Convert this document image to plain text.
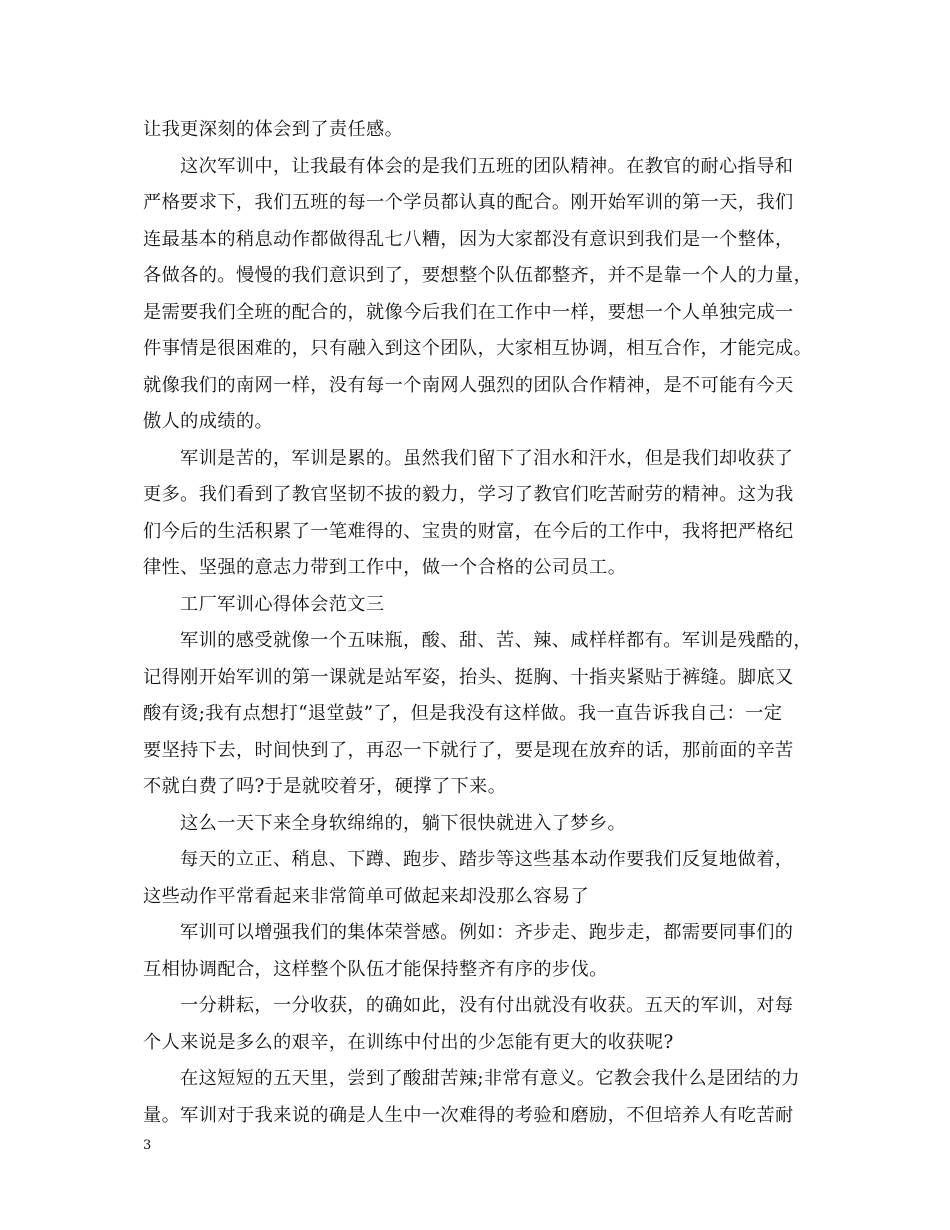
让我更深刻的体会到了责任感。
这次军训中，让我最有体会的是我们五班的团队精神。在教官的耐心指导和
严格要求下，我们五班的每一个学员都认真的配合。刚开始军训的第一天，我们
连最基本的稍息动作都做得乱七八糟，因为大家都没有意识到我们是一个整体，
各做各的。慢慢的我们意识到了，要想整个队伍都整齐，并不是靠一个人的力量，
是需要我们全班的配合的，就像今后我们在工作中一样，要想一个人单独完成一
件事情是很困难的，只有融入到这个团队，大家相互协调，相互合作，才能完成。
就像我们的南网一样，没有每一个南网人强烈的团队合作精神，是不可能有今天
傲人的成绩的。
军训是苦的，军训是累的。虽然我们留下了泪水和汗水，但是我们却收获了
更多。我们看到了教官坚韧不拔的毅力，学习了教官们吃苦耐劳的精神。这为我
们今后的生活积累了一笔难得的、宝贵的财富，在今后的工作中，我将把严格纪
律性、坚强的意志力带到工作中，做一个合格的公司员工。
工厂军训心得体会范文三
军训的感受就像一个五味瓶，酸、甜、苦、辣、咸样样都有。军训是残酷的，
记得刚开始军训的第一课就是站军姿，抬头、挺胸、十指夹紧贴于裤缝。脚底又
酸有烫;我有点想打“退堂鼓”了，但是我没有这样做。我一直告诉我自己：一定
要坚持下去，时间快到了，再忍一下就行了，要是现在放弃的话，那前面的辛苦
不就白费了吗?于是就咬着牙，硬撑了下来。
这么一天下来全身软绵绵的，躺下很快就进入了梦乡。
每天的立正、稍息、下蹲、跑步、踏步等这些基本动作要我们反复地做着，
这些动作平常看起来非常简单可做起来却没那么容易了
军训可以增强我们的集体荣誉感。例如：齐步走、跑步走，都需要同事们的
互相协调配合，这样整个队伍才能保持整齐有序的步伐。
一分耕耘，一分收获，的确如此，没有付出就没有收获。五天的军训，对每
个人来说是多么的艰辛，在训练中付出的少怎能有更大的收获呢?
在这短短的五天里，尝到了酸甜苦辣;非常有意义。它教会我什么是团结的力
量。军训对于我来说的确是人生中一次难得的考验和磨励，不但培养人有吃苦耐
3
